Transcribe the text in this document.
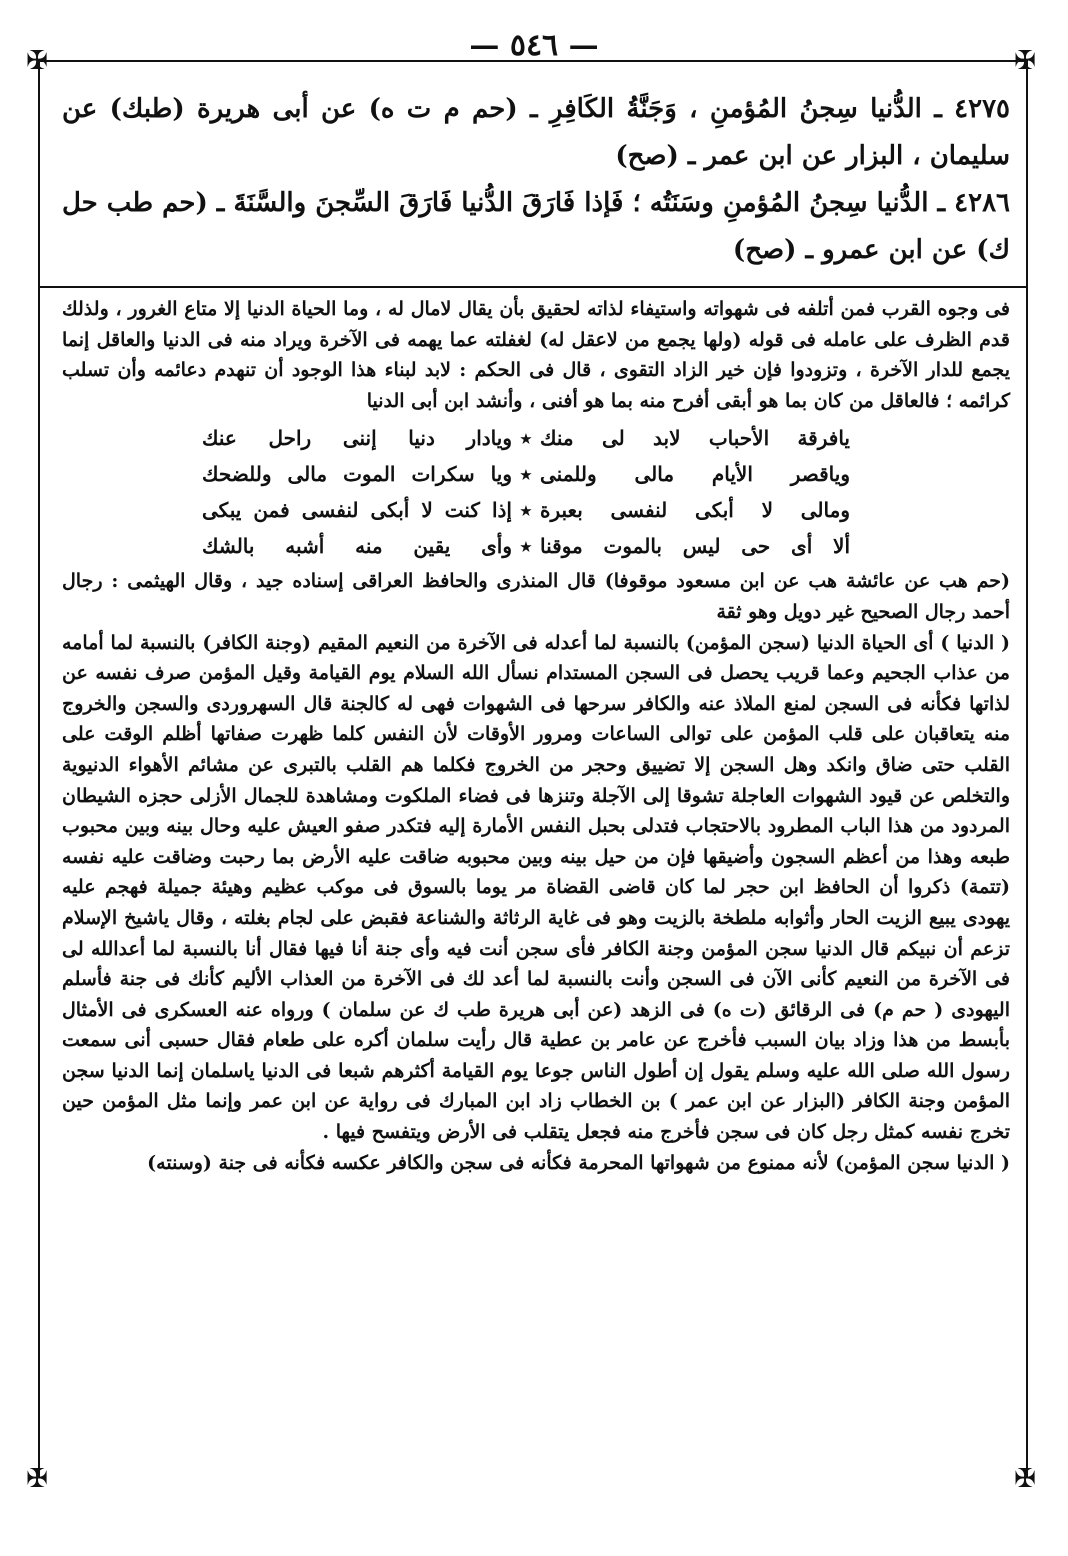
— ٥٤٦ —
✠	✠
✠	✠

٤٢٧٥ ـ الدُّنيا سِجنُ المُؤمنِ ، وَجَنَّةُ الكَافِرِ ـ (حم م ت ه) عن أبى هريرة (طبك) عن سليمان ، البزار عن ابن عمر ـ (صح)

٤٢٨٦ ـ الدُّنيا سِجنُ المُؤمنِ وسَنَتُه ؛ فَإذا فَارَقَ الدُّنيا فَارَقَ السِّجنَ والسَّنَةَ ـ (حم طب حل ك) عن ابن عمرو ـ (صح)

فى وجوه القرب فمن أتلفه فى شهواته واستيفاء لذاته لحقيق بأن يقال لامال له ، وما الحياة الدنيا إلا متاع الغرور ، ولذلك قدم الظرف على عامله فى قوله (ولها يجمع من لاعقل له) لغفلته عما يهمه فى الآخرة ويراد منه فى الدنيا والعاقل إنما يجمع للدار الآخرة ، وتزودوا فإن خير الزاد التقوى ، قال فى الحكم : لابد لبناء هذا الوجود أن تنهدم دعائمه وأن تسلب كرائمه ؛ فالعاقل من كان بما هو أبقى أفرح منه بما هو أفنى ، وأنشد ابن أبى الدنيا

يافرقة الأحباب لابد لى منك
٭
ويادار دنيا إننى راحل عنك
وياقصر الأيام مالى وللمنى
٭
ويا سكرات الموت مالى وللضحك
ومالى لا أبكى لنفسى بعبرة
٭
إذا كنت لا أبكى لنفسى فمن يبكى
ألا أى حى ليس بالموت موقنا
٭
وأى يقين منه أشبه بالشك

(حم هب عن عائشة هب عن ابن مسعود موقوفا) قال المنذرى والحافظ العراقى إسناده جيد ، وقال الهيثمى : رجال أحمد رجال الصحيح غير دويل وهو ثقة

( الدنيا ) أى الحياة الدنيا (سجن المؤمن) بالنسبة لما أعدله فى الآخرة من النعيم المقيم (وجنة الكافر) بالنسبة لما أمامه من عذاب الجحيم وعما قريب يحصل فى السجن المستدام نسأل الله السلام يوم القيامة وقيل المؤمن صرف نفسه عن لذاتها فكأنه فى السجن لمنع الملاذ عنه والكافر سرحها فى الشهوات فهى له كالجنة قال السهروردى والسجن والخروج منه يتعاقبان على قلب المؤمن على توالى الساعات ومرور الأوقات لأن النفس كلما ظهرت صفاتها أظلم الوقت على القلب حتى ضاق وانكد وهل السجن إلا تضييق وحجر من الخروج فكلما هم القلب بالتبرى عن مشائم الأهواء الدنيوية والتخلص عن قيود الشهوات العاجلة تشوقا إلى الآجلة وتنزها فى فضاء الملكوت ومشاهدة للجمال الأزلى حجزه الشيطان المردود من هذا الباب المطرود بالاحتجاب فتدلى بحبل النفس الأمارة إليه فتكدر صفو العيش عليه وحال بينه وبين محبوب طبعه وهذا من أعظم السجون وأضيقها فإن من حيل بينه وبين محبوبه ضاقت عليه الأرض بما رحبت وضاقت عليه نفسه (تتمة) ذكروا أن الحافظ ابن حجر لما كان قاضى القضاة مر يوما بالسوق فى موكب عظيم وهيئة جميلة فهجم عليه يهودى يبيع الزيت الحار وأثوابه ملطخة بالزيت وهو فى غاية الرثاثة والشناعة فقبض على لجام بغلته ، وقال ياشيخ الإسلام تزعم أن نبيكم قال الدنيا سجن المؤمن وجنة الكافر فأى سجن أنت فيه وأى جنة أنا فيها فقال أنا بالنسبة لما أعدالله لى فى الآخرة من النعيم كأنى الآن فى السجن وأنت بالنسبة لما أعد لك فى الآخرة من العذاب الأليم كأنك فى جنة فأسلم اليهودى ( حم م) فى الرقائق (ت ه) فى الزهد (عن أبى هريرة طب ك عن سلمان ) ورواه عنه العسكرى فى الأمثال بأبسط من هذا وزاد بيان السبب فأخرج عن عامر بن عطية قال رأيت سلمان أكره على طعام فقال حسبى أنى سمعت رسول الله صلى الله عليه وسلم يقول إن أطول الناس جوعا يوم القيامة أكثرهم شبعا فى الدنيا ياسلمان إنما الدنيا سجن المؤمن وجنة الكافر (البزار عن ابن عمر ) بن الخطاب زاد ابن المبارك فى رواية عن ابن عمر وإنما مثل المؤمن حين تخرج نفسه كمثل رجل كان فى سجن فأخرج منه فجعل يتقلب فى الأرض ويتفسح فيها .

( الدنيا سجن المؤمن) لأنه ممنوع من شهواتها المحرمة فكأنه فى سجن والكافر عكسه فكأنه فى جنة (وسنته)
